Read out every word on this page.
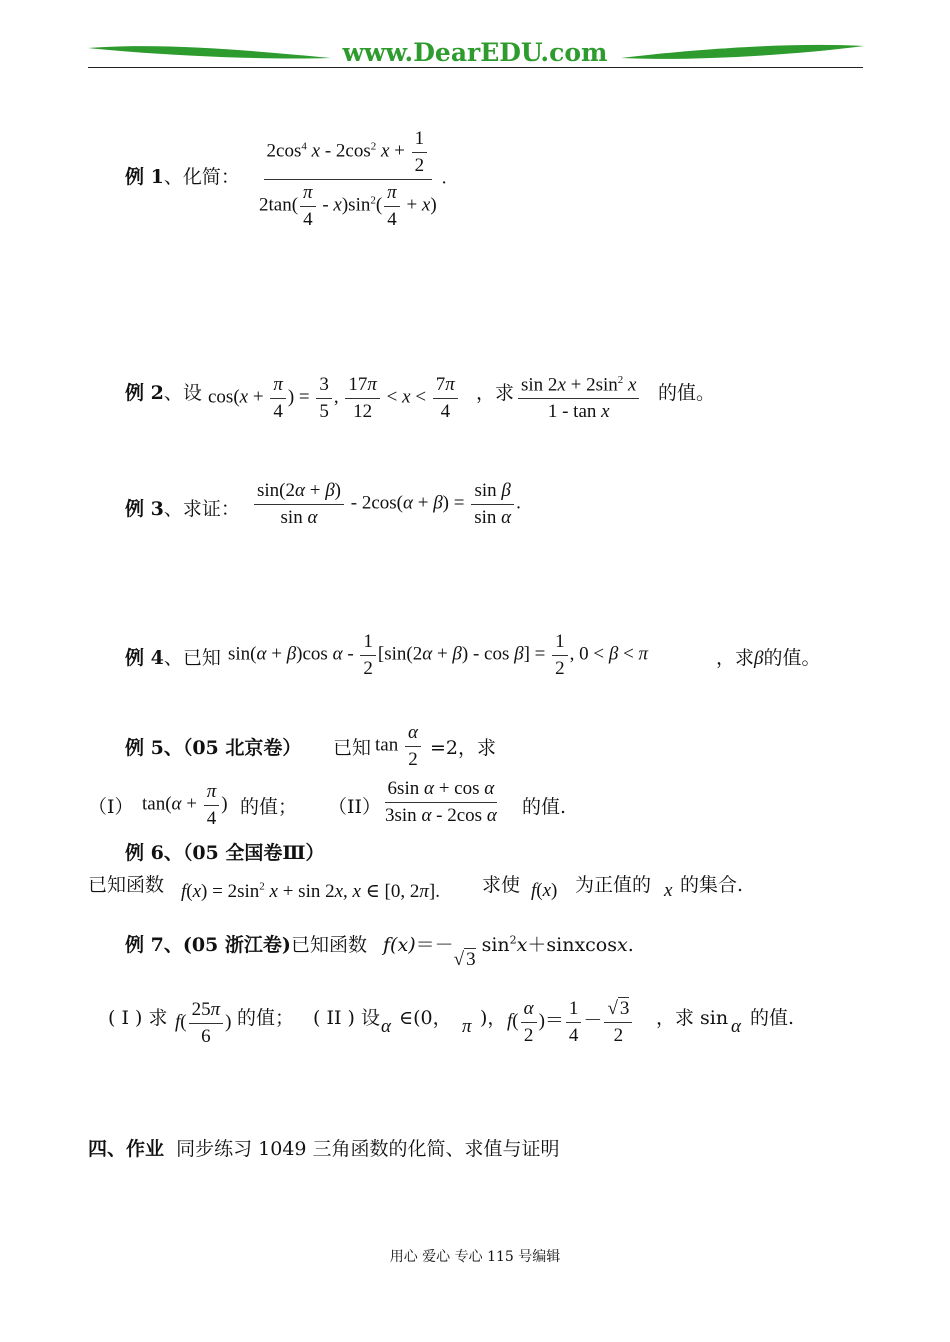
www.DearEDU.com
例 1、化简： $\frac{2\cos^4 x - 2\cos^2 x + \frac{1}{2}}{2\tan( \frac{\pi}{4} - x)\sin^2( \frac{\pi}{4} + x)}$ .
例 2、设 $\cos(x + \frac{\pi}{4}$ ) = $\frac{3}{5}$ , $\frac{17\pi}{12} < x < \frac{7\pi}{4}$ ，求 $\frac{\sin 2x + 2\sin^2 x}{\text{1 - tan x}}$ 的值。
例 3、求证： $\frac{\sin(2\alpha + \beta)}{\text{sin α}} - 2\cos(\alpha + \beta) = \frac{\text{sin β}}{\text{sin α}}$ .
例 4、已知 sin(α + β)cos $\alpha - \frac{1}{2} [\sin(2\alpha + \beta) - \cos \beta] = \frac{1}{2}$ , 0 < β < π	，求β的值。
例 5、（05 北京卷） 已知 $\tan \frac{\alpha}{2} =2$，求
（I） $\tan(\alpha + \frac{\pi}{4}$ ) 的值； $(II) \frac{\text{6sin α + cos α}}{\text{3sin α - 2cos α}}$ 的值.
例 6、（05 全国卷Ⅲ）
已知函数 $f(x) = 2\sin^2$ x + sin 2x, x ∈ [0, 2π]. 求使 f(x) 为正值的 x 的集合.
例 7、(05 浙江卷) 已知函数 f(x)＝－√ 3 $\sin^2x+sinxcosx$.
( I ) 求 $f( \frac{25\pi}{6}$ ) 的值； ( II ) 设 α ∈(0， π )， $f( \frac{\alpha}{2}$ )＝ $\frac{1}{4} - \frac{√ 3}{2}$ ，求 sin α 的值.
四、作业 同步练习 1049 三角函数的化简、求值与证明
用心 爱心 专心 115 号编辑
